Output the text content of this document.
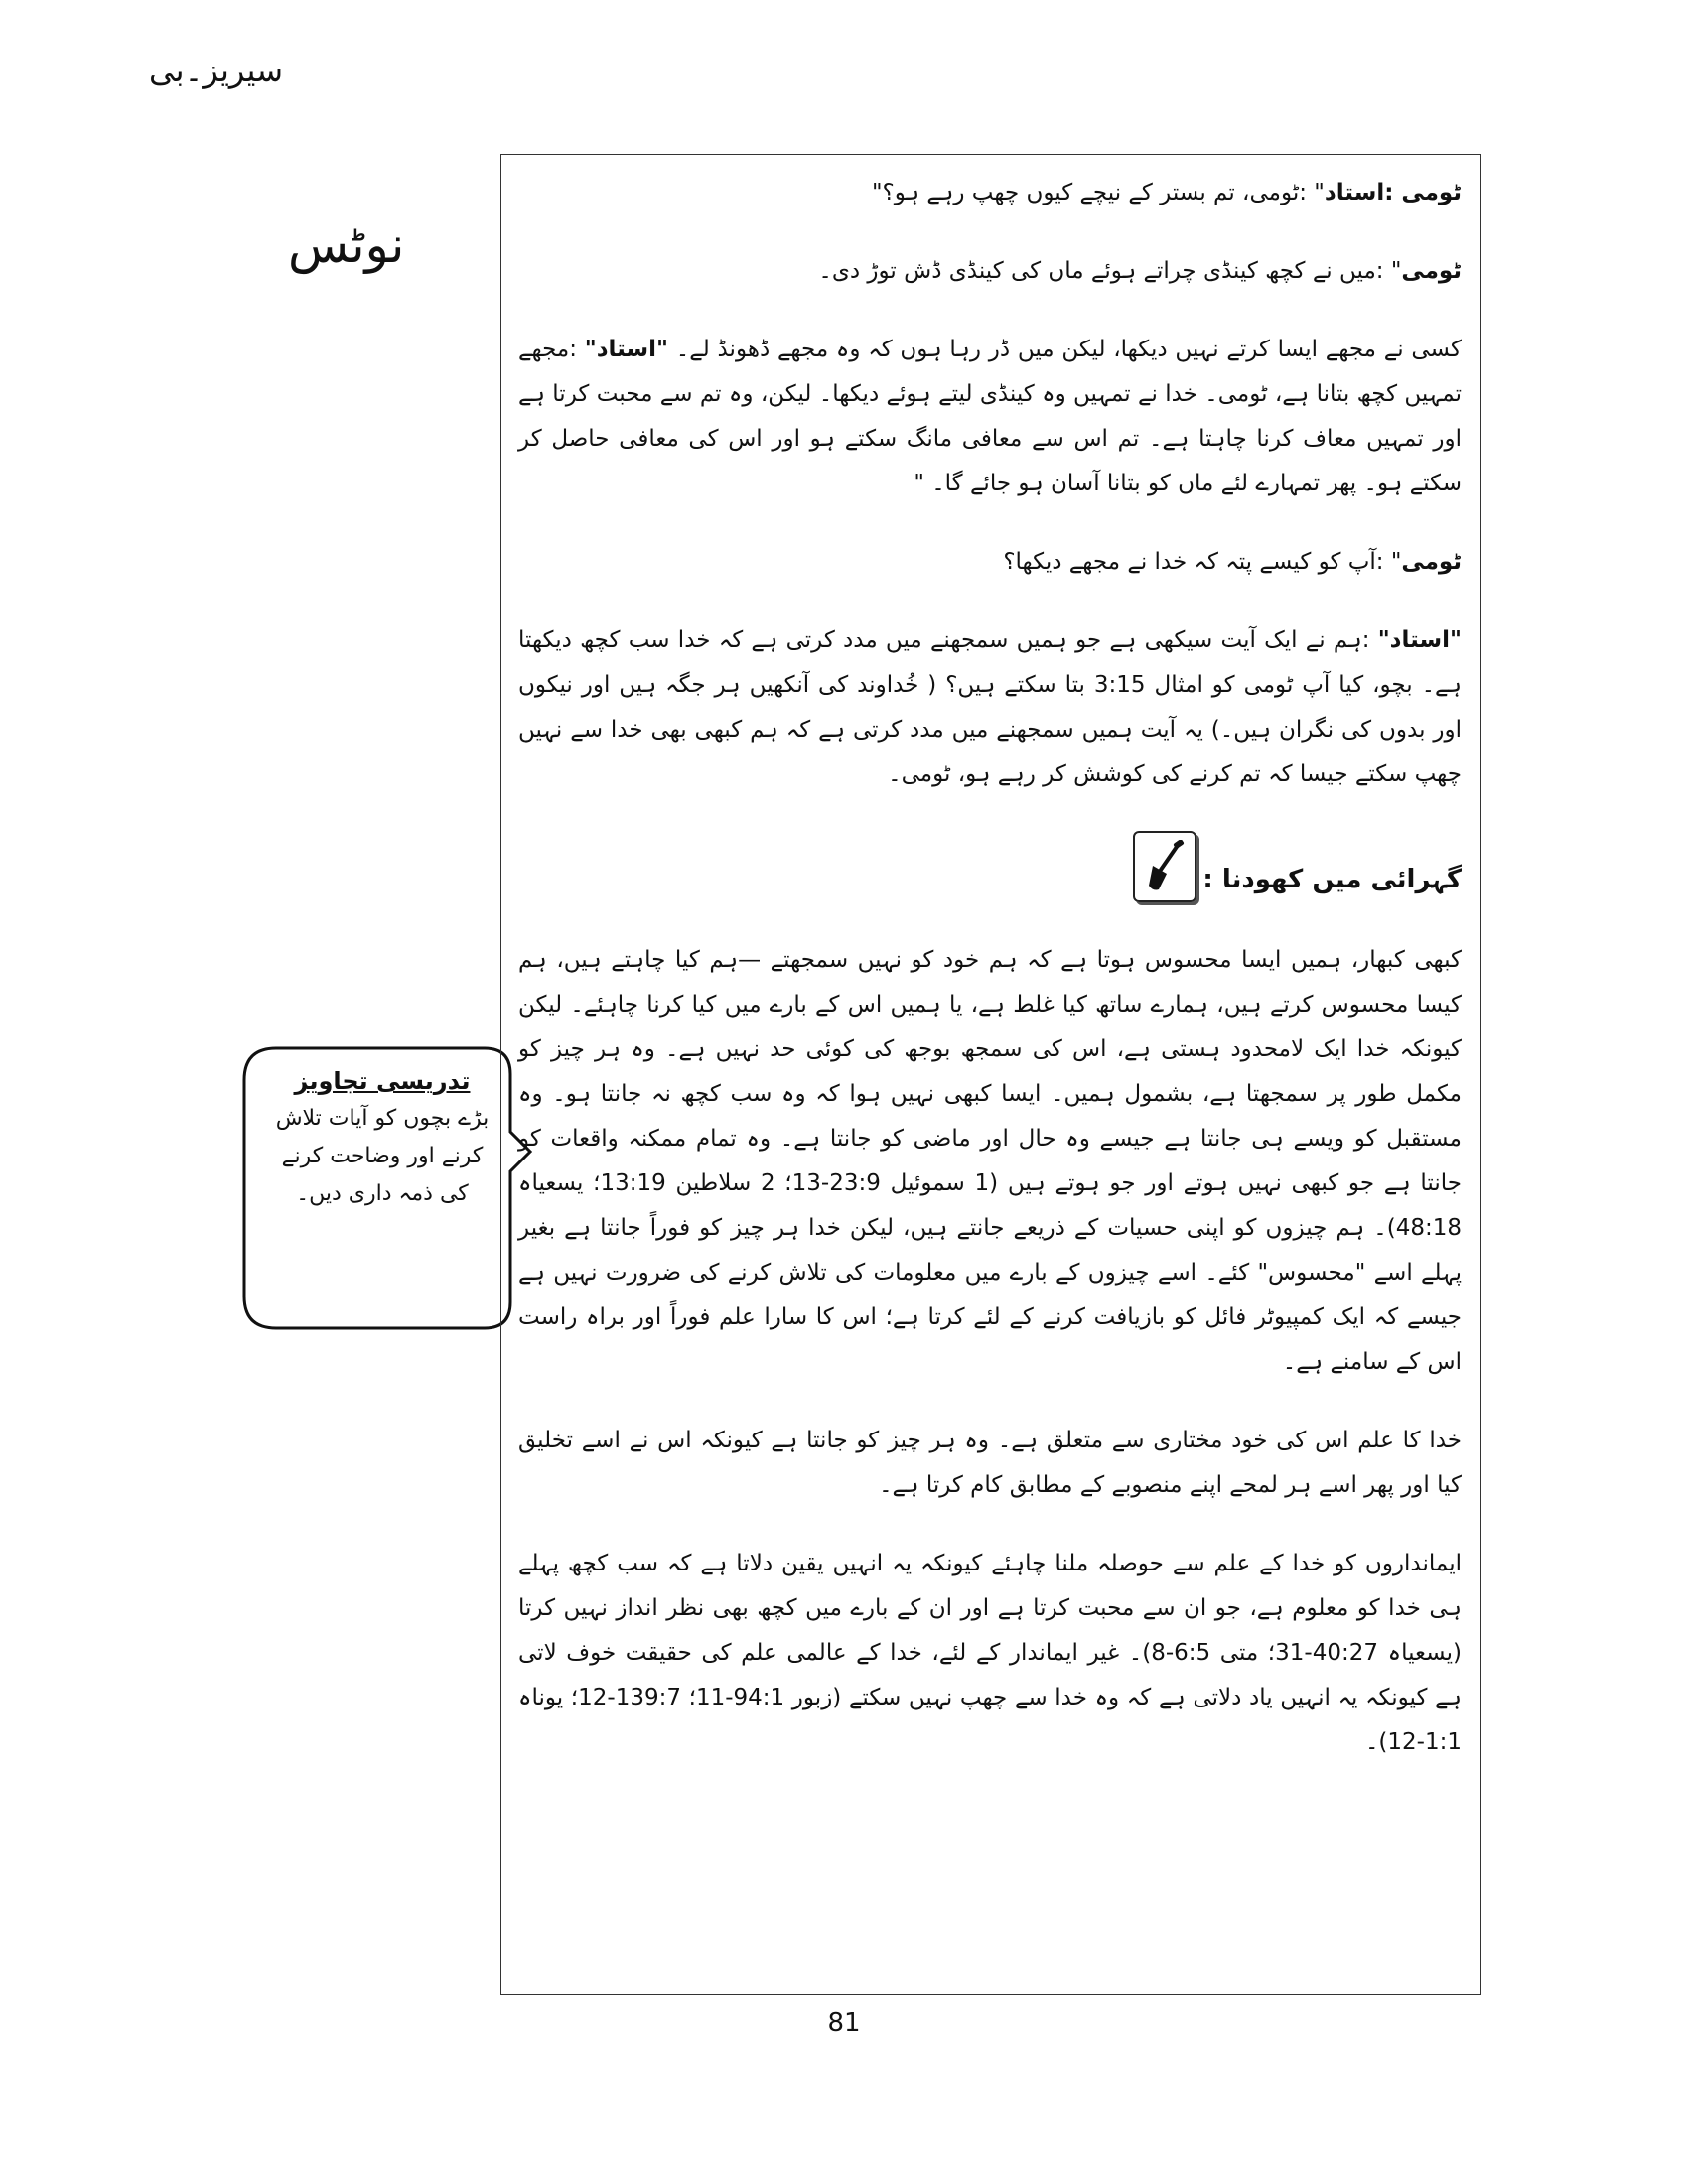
سیریز۔بی
نوٹس
تدریسی تجاویز
بڑے بچوں کو آیات تلاش
کرنے اور وضاحت کرنے
کی ذمہ داری دیں۔

ٹومی :استاد" :ٹومی، تم بستر کے نیچے کیوں چھپ رہے ہو؟"

ٹومی" :میں نے کچھ کینڈی چراتے ہوئے ماں کی کینڈی ڈش توڑ دی۔

کسی نے مجھے ایسا کرتے نہیں دیکھا، لیکن میں ڈر رہا ہوں کہ وہ مجھے ڈھونڈ لے۔ "استاد" :مجھے تمہیں کچھ بتانا ہے، ٹومی۔ خدا نے تمہیں وہ کینڈی لیتے ہوئے دیکھا۔ لیکن، وہ تم سے محبت کرتا ہے اور تمہیں معاف کرنا چاہتا ہے۔ تم اس سے معافی مانگ سکتے ہو اور اس کی معافی حاصل کر سکتے ہو۔ پھر تمہارے لئے ماں کو بتانا آسان ہو جائے گا۔ "

ٹومی" :آپ کو کیسے پتہ کہ خدا نے مجھے دیکھا؟

"استاد" :ہم نے ایک آیت سیکھی ہے جو ہمیں سمجھنے میں مدد کرتی ہے کہ خدا سب کچھ دیکھتا ہے۔ بچو، کیا آپ ٹومی کو امثال 3:15 بتا سکتے ہیں؟ ( خُداوند کی آنکھیں ہر جگہ ہیں اور نیکوں اور بدوں کی نگران ہیں۔) یہ آیت ہمیں سمجھنے میں مدد کرتی ہے کہ ہم کبھی بھی خدا سے نہیں چھپ سکتے جیسا کہ تم کرنے کی کوشش کر رہے ہو، ٹومی۔

گہرائی میں کھودنا :

کبھی کبھار، ہمیں ایسا محسوس ہوتا ہے کہ ہم خود کو نہیں سمجھتے —ہم کیا چاہتے ہیں، ہم کیسا محسوس کرتے ہیں، ہمارے ساتھ کیا غلط ہے، یا ہمیں اس کے بارے میں کیا کرنا چاہئے۔ لیکن کیونکہ خدا ایک لامحدود ہستی ہے، اس کی سمجھ بوجھ کی کوئی حد نہیں ہے۔ وہ ہر چیز کو مکمل طور پر سمجھتا ہے، بشمول ہمیں۔ ایسا کبھی نہیں ہوا کہ وہ سب کچھ نہ جانتا ہو۔ وہ مستقبل کو ویسے ہی جانتا ہے جیسے وہ حال اور ماضی کو جانتا ہے۔ وہ تمام ممکنہ واقعات کو جانتا ہے جو کبھی نہیں ہوتے اور جو ہوتے ہیں (1 سموئیل 23:9-13؛ 2 سلاطین 13:19؛ یسعیاہ 48:18)۔ ہم چیزوں کو اپنی حسیات کے ذریعے جانتے ہیں، لیکن خدا ہر چیز کو فوراً جانتا ہے بغیر پہلے اسے "محسوس" کئے۔ اسے چیزوں کے بارے میں معلومات کی تلاش کرنے کی ضرورت نہیں ہے جیسے کہ ایک کمپیوٹر فائل کو بازیافت کرنے کے لئے کرتا ہے؛ اس کا سارا علم فوراً اور براہ راست اس کے سامنے ہے۔

خدا کا علم اس کی خود مختاری سے متعلق ہے۔ وہ ہر چیز کو جانتا ہے کیونکہ اس نے اسے تخلیق کیا اور پھر اسے ہر لمحے اپنے منصوبے کے مطابق کام کرتا ہے۔

ایمانداروں کو خدا کے علم سے حوصلہ ملنا چاہئے کیونکہ یہ انہیں یقین دلاتا ہے کہ سب کچھ پہلے ہی خدا کو معلوم ہے، جو ان سے محبت کرتا ہے اور ان کے بارے میں کچھ بھی نظر انداز نہیں کرتا (یسعیاہ 40:27-31؛ متی 6:5-8)۔ غیر ایماندار کے لئے، خدا کے عالمی علم کی حقیقت خوف لاتی ہے کیونکہ یہ انہیں یاد دلاتی ہے کہ وہ خدا سے چھپ نہیں سکتے (زبور 94:1-11؛ 139:7-12؛ یوناہ 1:1-12)۔

81
